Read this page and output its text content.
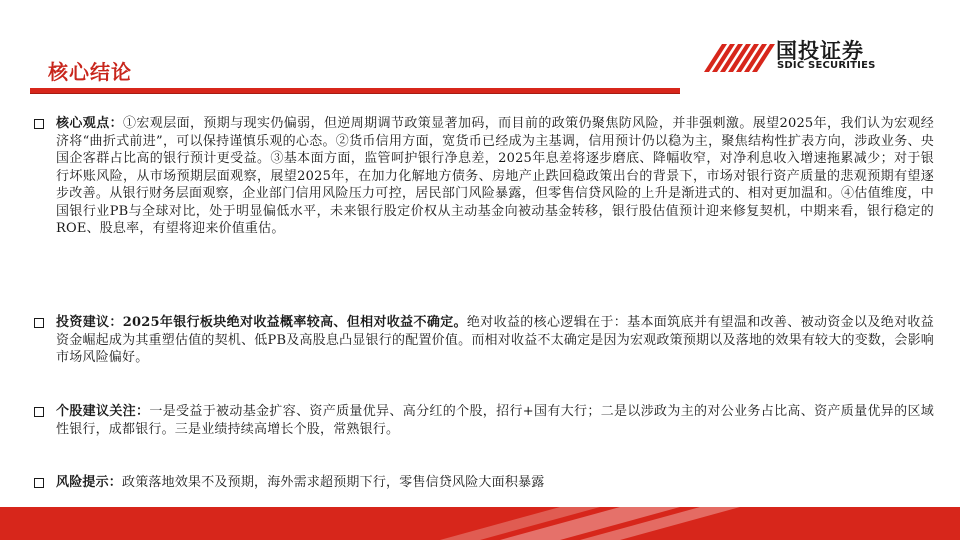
核心结论
国投证券
SDIC SECURITIES
核心观点：①宏观层面，预期与现实仍偏弱，但逆周期调节政策显著加码，而目前的政策仍聚焦防风险，并非强刺激。展望2025年，我们认为宏观经济将“曲折式前进”，可以保持谨慎乐观的心态。②货币信用方面，宽货币已经成为主基调，信用预计仍以稳为主，聚焦结构性扩表方向，涉政业务、央国企客群占比高的银行预计更受益。③基本面方面，监管呵护银行净息差，2025年息差将逐步磨底、降幅收窄，对净利息收入增速拖累减少；对于银行坏账风险，从市场预期层面观察，展望2025年，在加力化解地方债务、房地产止跌回稳政策出台的背景下，市场对银行资产质量的悲观预期有望逐步改善。从银行财务层面观察，企业部门信用风险压力可控，居民部门风险暴露，但零售信贷风险的上升是渐进式的、相对更加温和。④估值维度，中国银行业PB与全球对比，处于明显偏低水平，未来银行股定价权从主动基金向被动基金转移，银行股估值预计迎来修复契机，中期来看，银行稳定的ROE、股息率，有望将迎来价值重估。
投资建议：2025年银行板块绝对收益概率较高、但相对收益不确定。绝对收益的核心逻辑在于：基本面筑底并有望温和改善、被动资金以及绝对收益资金崛起成为其重塑估值的契机、低PB及高股息凸显银行的配置价值。而相对收益不太确定是因为宏观政策预期以及落地的效果有较大的变数，会影响市场风险偏好。
个股建议关注：一是受益于被动基金扩容、资产质量优异、高分红的个股，招行+国有大行；二是以涉政为主的对公业务占比高、资产质量优异的区域性银行，成都银行。三是业绩持续高增长个股，常熟银行。
风险提示：政策落地效果不及预期，海外需求超预期下行，零售信贷风险大面积暴露
